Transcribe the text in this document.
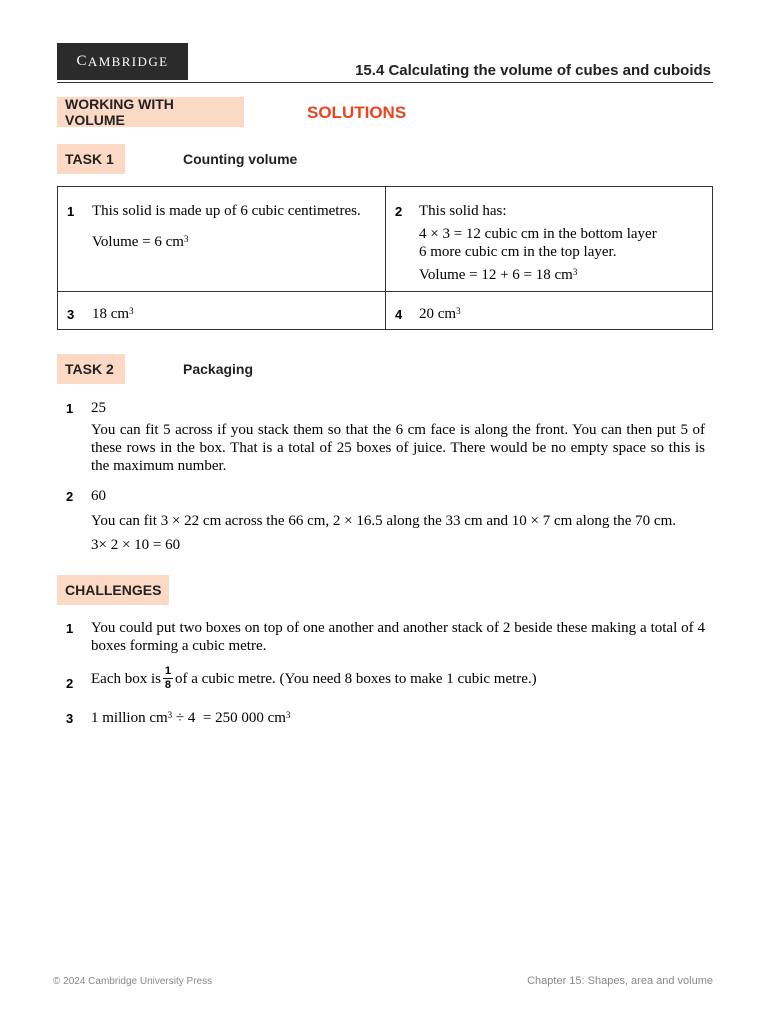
C AMBRIDGE
15.4 Calculating the volume of cubes and cuboids
WORKING WITH VOLUME	SOLUTIONS
TASK 1	Counting volume
1 This solid is made up of 6 cubic centimetres.
Volume = 6 $cm^3$
2 This solid has:
4 × 3 = 12 cubic cm in the bottom layer
6 more cubic cm in the top layer.
Volume = 12 + 6 = 18 $cm^3$
3 18 $cm^3$	4 20 $cm^3$
TASK 2	Packaging
1 25
You can fit 5 across if you stack them so that the 6 cm face is along the front. You can then put 5 of these rows in the box. That is a total of 25 boxes of juice. There would be no empty space so this is the maximum number.
2 60
You can fit 3 × 22 cm across the 66 cm, 2 × 16.5 along the 33 cm and 10 × 7 cm along the 70 cm.
3× 2 × 10 = 60
CHALLENGES
1 You could put two boxes on top of one another and another stack of 2 beside these making a total of 4 boxes forming a cubic metre.
2 Each box is $\frac{1}{8}$ of a cubic metre. (You need 8 boxes to make 1 cubic metre.)
3 1 million $cm^3 \div 4 = 250$ 000 $cm^3$
© 2024 Cambridge University Press	Chapter 15: Shapes, area and volume
